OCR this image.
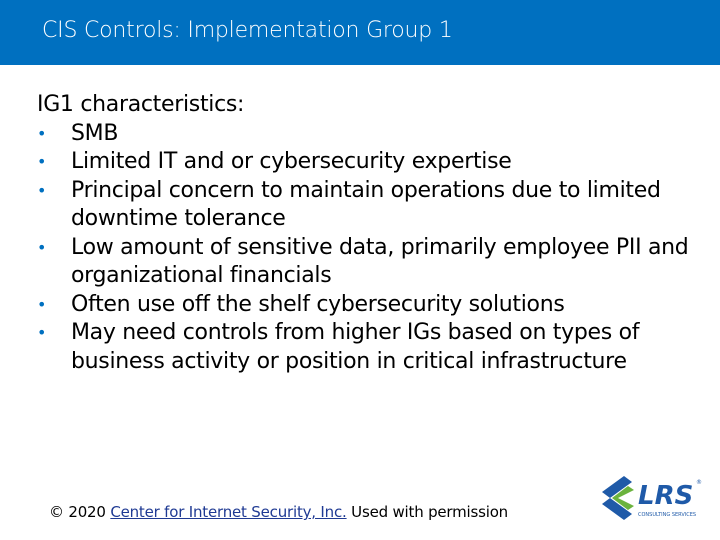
CIS Controls: Implementation Group 1
IG1 characteristics:
• SMB
• Limited IT and or cybersecurity expertise
• Principal concern to maintain operations due to limited downtime tolerance
• Low amount of sensitive data, primarily employee PII and organizational financials
• Often use off the shelf cybersecurity solutions
• May need controls from higher IGs based on types of business activity or position in critical infrastructure
© 2020 Center for Internet Security, Inc. Used with permission
LRS ®
CONSULTING SERVICES
